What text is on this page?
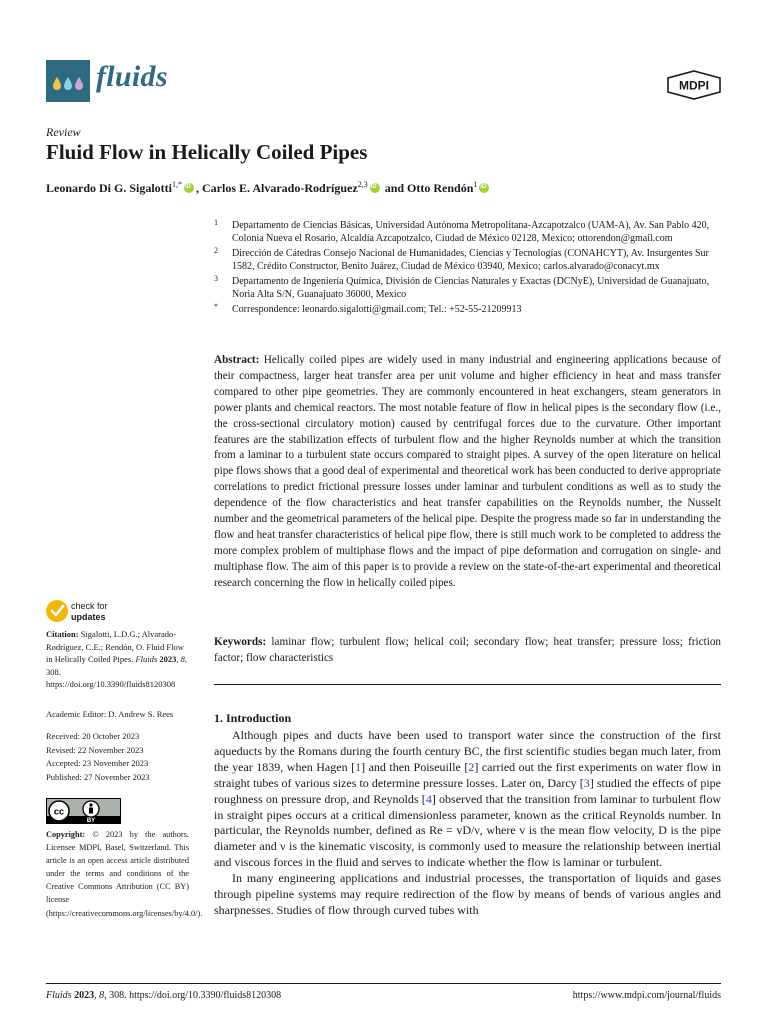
fluids	MDPI
Review
Fluid Flow in Helically Coiled Pipes
Leonardo Di G. Sigalotti$^{1,*}$iD , Carlos E. Alvarado-Rodríguez$^{2,3}$iD and Otto Rendón$^1$iD
1 Departamento de Ciencias Básicas, Universidad Autónoma Metropolitana-Azcapotzalco (UAM-A), Av. San Pablo 420, Colonia Nueva el Rosario, Alcaldía Azcapotzalco, Ciudad de México 02128, Mexico; ottorendon@gmail.com
2 Dirección de Cátedras Consejo Nacional de Humanidades, Ciencias y Tecnologías (CONAHCYT), Av. Insurgentes Sur 1582, Crédito Constructor, Benito Juárez, Ciudad de México 03940, Mexico; carlos.alvarado@conacyt.mx
3 Departamento de Ingeniería Química, División de Ciencias Naturales y Exactas (DCNyE), Universidad de Guanajuato, Noria Alta S/N, Guanajuato 36000, Mexico
* Correspondence: leonardo.sigalotti@gmail.com; Tel.: +52-55-21209913
Abstract: Helically coiled pipes are widely used in many industrial and engineering applications because of their compactness, larger heat transfer area per unit volume and higher efficiency in heat and mass transfer compared to other pipe geometries. They are commonly encountered in heat exchangers, steam generators in power plants and chemical reactors. The most notable feature of flow in helical pipes is the secondary flow (i.e., the cross-sectional circulatory motion) caused by centrifugal forces due to the curvature. Other important features are the stabilization effects of turbulent flow and the higher Reynolds number at which the transition from a laminar to a turbulent state occurs compared to straight pipes. A survey of the open literature on helical pipe flows shows that a good deal of experimental and theoretical work has been conducted to derive appropriate correlations to predict frictional pressure losses under laminar and turbulent conditions as well as to study the dependence of the flow characteristics and heat transfer capabilities on the Reynolds number, the Nusselt number and the geometrical parameters of the helical pipe. Despite the progress made so far in understanding the flow and heat transfer characteristics of helical pipe flow, there is still much work to be completed to address the more complex problem of multiphase flows and the impact of pipe deformation and corrugation on single- and multiphase flow. The aim of this paper is to provide a review on the state-of-the-art experimental and theoretical research concerning the flow in helically coiled pipes.
Keywords: laminar flow; turbulent flow; helical coil; secondary flow; heat transfer; pressure loss; friction factor; flow characteristics
check for
updates
Citation: Sigalotti, L.D.G.; Alvarado-Rodríguez, C.E.; Rendón, O. Fluid Flow in Helically Coiled Pipes. Fluids 2023, 8, 308. https://doi.org/10.3390/fluids8120308
Academic Editor: D. Andrew S. Rees
Received: 20 October 2023
Revised: 22 November 2023
Accepted: 23 November 2023
Published: 27 November 2023
cc
BY
Copyright: © 2023 by the authors. Licensee MDPI, Basel, Switzerland. This article is an open access article distributed under the terms and conditions of the Creative Commons Attribution (CC BY) license (https://creativecommons.org/licenses/by/4.0/).
1. Introduction

Although pipes and ducts have been used to transport water since the construction of the first aqueducts by the Romans during the fourth century BC, the first scientific studies began much later, from the year 1839, when Hagen [1] and then Poiseuille [2] carried out the first experiments on water flow in straight tubes of various sizes to determine pressure losses. Later on, Darcy [3] studied the effects of pipe roughness on pressure drop, and Reynolds [4] observed that the transition from laminar to turbulent flow in straight pipes occurs at a critical dimensionless parameter, known as the critical Reynolds number. In particular, the Reynolds number, defined as Re = vD/ν, where v is the mean flow velocity, D is the pipe diameter and ν is the kinematic viscosity, is commonly used to measure the relationship between inertial and viscous forces in the fluid and serves to indicate whether the flow is laminar or turbulent.

In many engineering applications and industrial processes, the transportation of liquids and gases through pipeline systems may require redirection of the flow by means of bends of various angles and sharpnesses. Studies of flow through curved tubes with

Fluids 2023, 8, 308. https://doi.org/10.3390/fluids8120308	https://www.mdpi.com/journal/fluids
